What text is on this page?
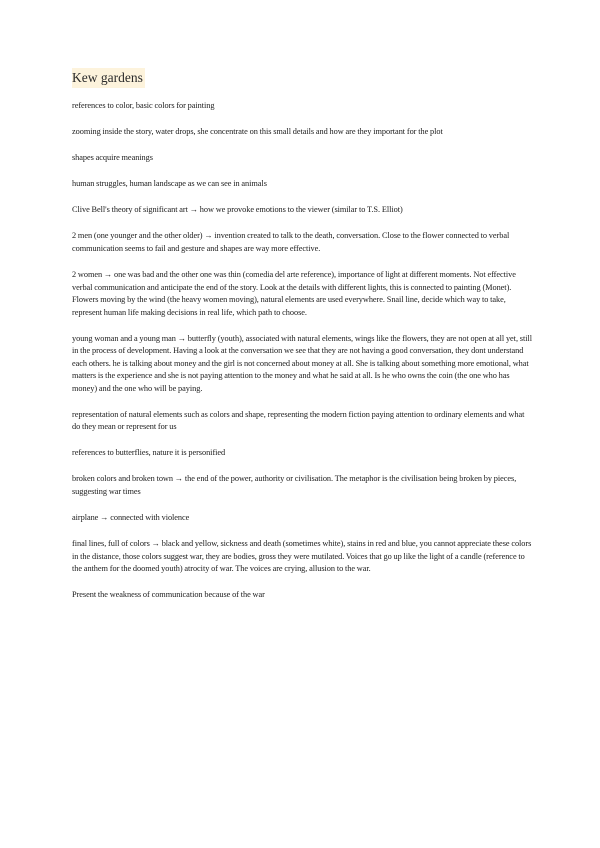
Kew gardens
references to color, basic colors for painting
zooming inside the story, water drops, she concentrate on this small details and how are they important for the plot
shapes acquire meanings
human struggles, human landscape as we can see in animals
Clive Bell's theory of significant art → how we provoke emotions to the viewer (similar to T.S. Elliot)
2 men (one younger and the other older) → invention created to talk to the death, conversation. Close to the flower connected to verbal communication seems to fail and gesture and shapes are way more effective.
2 women → one was bad and the other one was thin (comedia del arte reference), importance of light at different moments. Not effective verbal communication and anticipate the end of the story. Look at the details with different lights, this is connected to painting (Monet). Flowers moving by the wind (the heavy women moving), natural elements are used everywhere. Snail line, decide which way to take, represent human life making decisions in real life, which path to choose.
young woman and a young man → butterfly (youth), associated with natural elements, wings like the flowers, they are not open at all yet, still in the process of development. Having a look at the conversation we see that they are not having a good conversation, they dont understand each others. he is talking about money and the girl is not concerned about money at all. She is talking about something more emotional, what matters is the experience and she is not paying attention to the money and what he said at all. Is he who owns the coin (the one who has money) and the one who will be paying.
representation of natural elements such as colors and shape, representing the modern fiction paying attention to ordinary elements and what do they mean or represent for us
references to butterflies, nature it is personified
broken colors and broken town → the end of the power, authority or civilisation. The metaphor is the civilisation being broken by pieces, suggesting war times
airplane → connected with violence
final lines, full of colors → black and yellow, sickness and death (sometimes white), stains in red and blue, you cannot appreciate these colors in the distance, those colors suggest war, they are bodies, gross they were mutilated. Voices that go up like the light of a candle (reference to the anthem for the doomed youth) atrocity of war. The voices are crying, allusion to the war.
Present the weakness of communication because of the war
